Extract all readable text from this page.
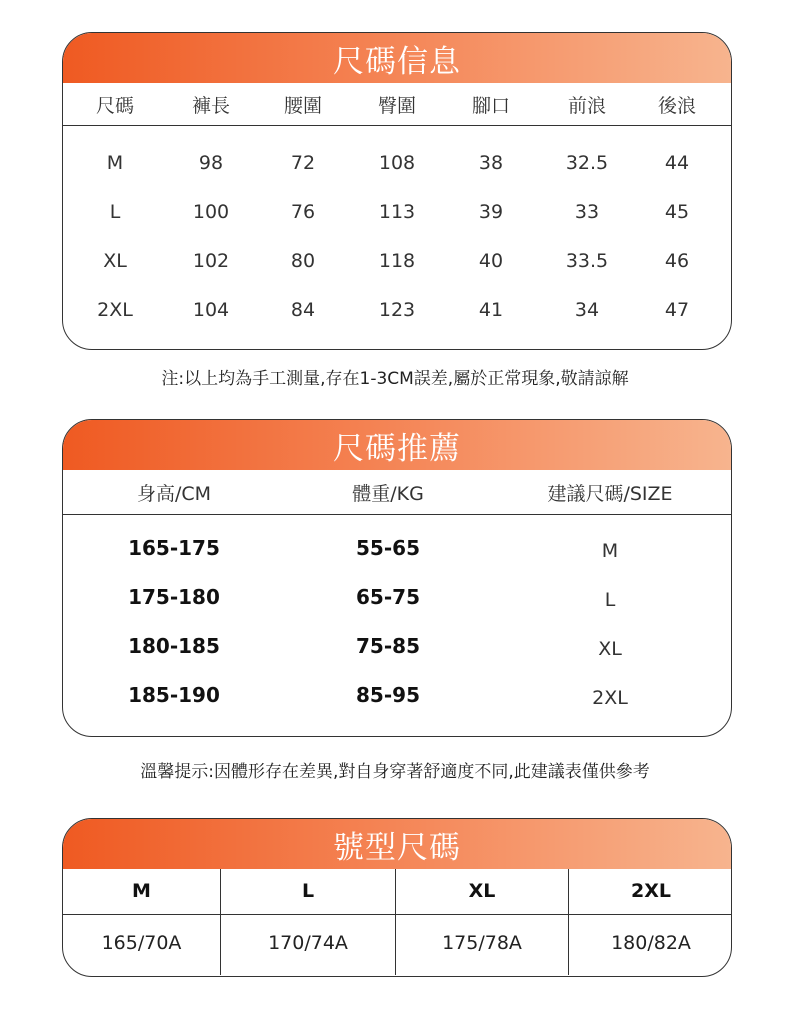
尺碼信息
尺碼	褲長	腰圍	臀圍	腳口	前浪	後浪
M	98	72	108	38	32.5	44
L	100	76	113	39	33	45
XL	102	80	118	40	33.5	46
2XL	104	84	123	41	34	47
注:以上均為手工測量,存在1-3CM誤差,屬於正常現象,敬請諒解
尺碼推薦
身高/CM	體重/KG	建議尺碼/SIZE
165-175	55-65	M
175-180	65-75	L
180-185	75-85	XL
185-190	85-95	2XL
溫馨提示:因體形存在差異,對自身穿著舒適度不同,此建議表僅供參考
號型尺碼
M	L	XL	2XL
165/70A	170/74A	175/78A	180/82A
